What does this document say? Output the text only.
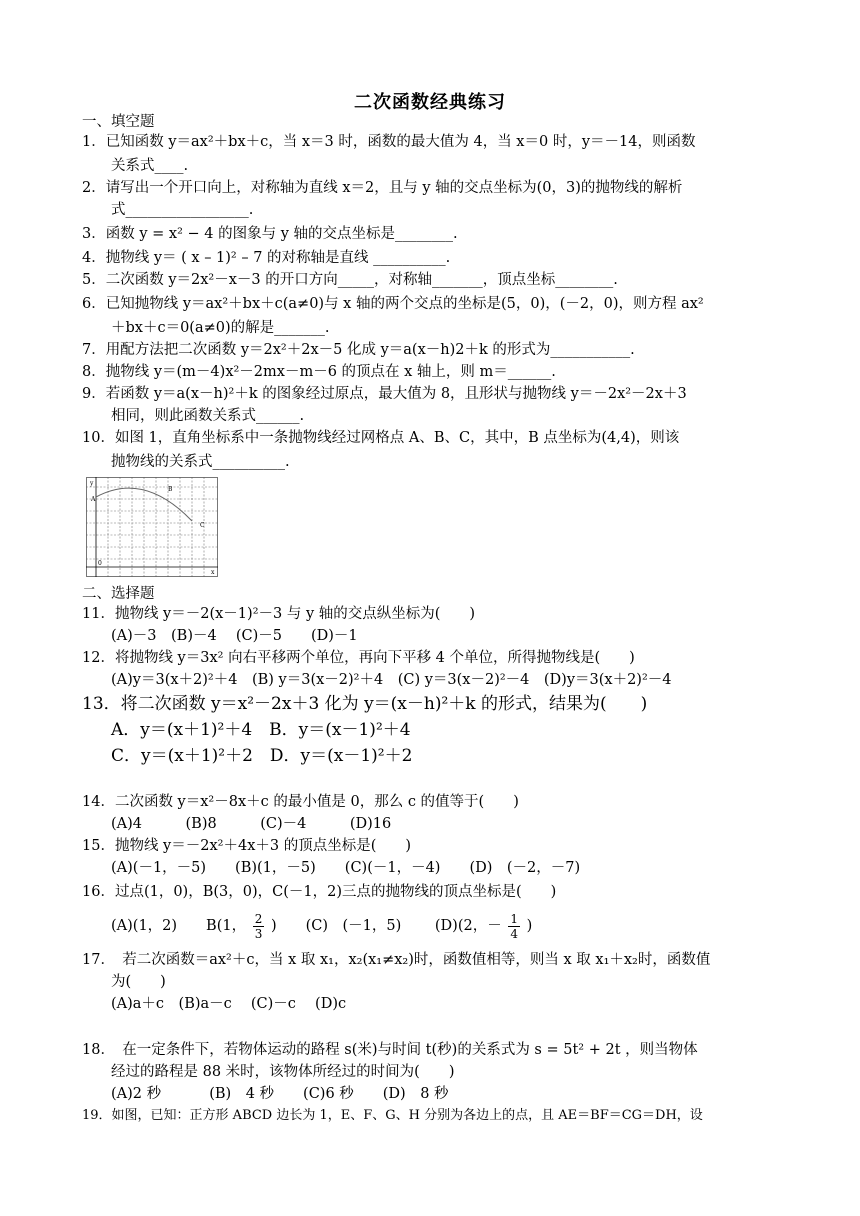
二次函数经典练习
一、填空题
1．已知函数 y＝ax²＋bx＋c，当 x＝3 时，函数的最大值为 4，当 x＝0 时，y＝－14，则函数
关系式____.
2．请写出一个开口向上，对称轴为直线 x＝2，且与 y 轴的交点坐标为(0，3)的抛物线的解析
式_________________.
3．函数 y = x² − 4 的图象与 y 轴的交点坐标是________.
4．抛物线 y＝ ( x – 1)² – 7 的对称轴是直线 __________.
5．二次函数 y＝2x²－x－3 的开口方向_____，对称轴_______，顶点坐标________.
6．已知抛物线 y＝ax²＋bx＋c(a≠0)与 x 轴的两个交点的坐标是(5，0)，(－2，0)，则方程 ax²
＋bx＋c＝0(a≠0)的解是_______.
7．用配方法把二次函数 y＝2x²＋2x－5 化成 y＝a(x－h)2＋k 的形式为___________.
8．抛物线 y＝(m－4)x²－2mx－m－6 的顶点在 x 轴上，则 m＝______.
9．若函数 y＝a(x－h)²＋k 的图象经过原点，最大值为 8，且形状与抛物线 y＝－2x²－2x＋3
相同，则此函数关系式______.
10．如图 1，直角坐标系中一条抛物线经过网格点 A、B、C，其中，B 点坐标为(4,4)，则该
抛物线的关系式__________.
y
A
B
C
0
x
二、选择题
11．抛物线 y＝－2(x－1)²－3 与 y 轴的交点纵坐标为(　　)
(A)－3　(B)－4　 (C)－5　　(D)－1
12．将抛物线 y＝3x² 向右平移两个单位，再向下平移 4 个单位，所得抛物线是(　　)
(A)y＝3(x＋2)²＋4　(B) y＝3(x－2)²＋4　(C) y＝3(x－2)²－4　(D)y＝3(x＋2)²－4
13．将二次函数 y＝x²－2x＋3 化为 y＝(x－h)²＋k 的形式，结果为(　　)
A．y＝(x＋1)²＋4　B．y＝(x－1)²＋4
C．y＝(x＋1)²＋2　D．y＝(x－1)²＋2
14．二次函数 y＝x²－8x＋c 的最小值是 0，那么 c 的值等于(　　)
(A)4　　　(B)8　　　(C)－4　　　(D)16
15．抛物线 y＝－2x²＋4x＋3 的顶点坐标是(　　)
(A)(－1，－5)　　(B)(1，－5)　　(C)(－1，－4)　　(D)　(－2，－7)
16．过点(1，0)，B(3，0)，C(－1，2)三点的抛物线的顶点坐标是(　　)
(A)(1，2)　　B(1， $\frac{2}{3}$ )　　(C)　(－1，5)　　 (D)(2，－ $\frac{1}{4}$ )
17．　若二次函数＝ax²＋c，当 x 取 x₁，x₂(x₁≠x₂)时，函数值相等，则当 x 取 x₁＋x₂时，函数值
为(　　)
(A)a＋c　(B)a－c　 (C)－c　 (D)c
18．　在一定条件下，若物体运动的路程 s(米)与时间 t(秒)的关系式为 s = 5t² + 2t ，则当物体
经过的路程是 88 米时，该物体所经过的时间为(　　)
(A)2 秒　　　 (B)　4 秒　　(C)6 秒　　(D)　8 秒
19．如图，已知：正方形 ABCD 边长为 1，E、F、G、H 分别为各边上的点，且 AE＝BF＝CG＝DH，设
